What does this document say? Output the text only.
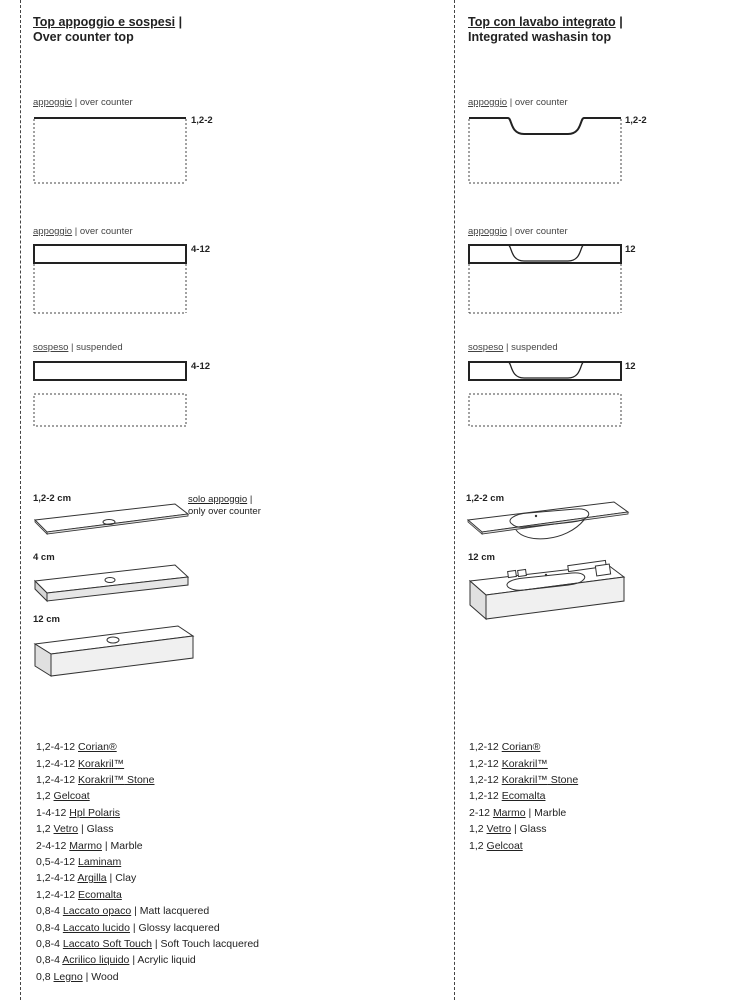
Top appoggio e sospesi |
Over counter top
appoggio | over counter
1,2-2
appoggio | over counter
4-12
sospeso | suspended
4-12
1,2-2 cm	solo appoggio |
only over counter
4 cm
12 cm
1,2-4-12 Corian®
1,2-4-12 Korakril™
1,2-4-12 Korakril™ Stone
1,2 Gelcoat
1-4-12 Hpl Polaris
1,2 Vetro | Glass
2-4-12 Marmo | Marble
0,5-4-12 Laminam
1,2-4-12 Argilla | Clay
1,2-4-12 Ecomalta
0,8-4 Laccato opaco | Matt lacquered
0,8-4 Laccato lucido | Glossy lacquered
0,8-4 Laccato Soft Touch | Soft Touch lacquered
0,8-4 Acrilico liquido | Acrylic liquid
0,8 Legno | Wood
Top con lavabo integrato |
Integrated washasin top
appoggio | over counter
1,2-2
appoggio | over counter
12
sospeso | suspended
12
1,2-2 cm
12 cm
1,2-12 Corian®
1,2-12 Korakril™
1,2-12 Korakril™ Stone
1,2-12 Ecomalta
2-12 Marmo | Marble
1,2 Vetro | Glass
1,2 Gelcoat
